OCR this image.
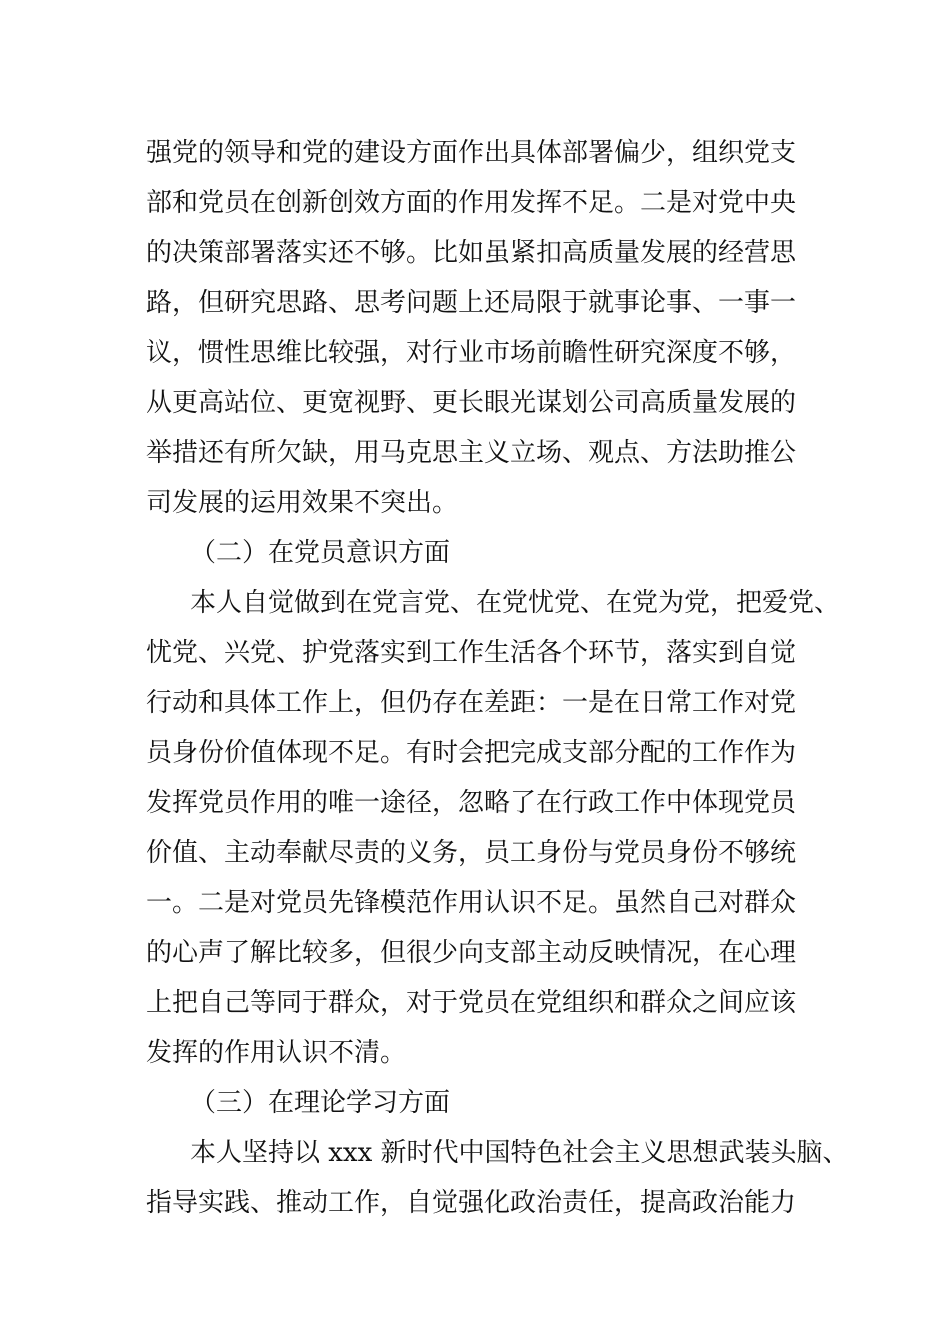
强党的领导和党的建设方面作出具体部署偏少，组织党支
部和党员在创新创效方面的作用发挥不足。二是对党中央
的决策部署落实还不够。比如虽紧扣高质量发展的经营思
路，但研究思路、思考问题上还局限于就事论事、一事一
议，惯性思维比较强，对行业市场前瞻性研究深度不够，
从更高站位、更宽视野、更长眼光谋划公司高质量发展的
举措还有所欠缺，用马克思主义立场、观点、方法助推公
司发展的运用效果不突出。
（二）在党员意识方面
本人自觉做到在党言党、在党忧党、在党为党，把爱党、
忧党、兴党、护党落实到工作生活各个环节，落实到自觉
行动和具体工作上，但仍存在差距：一是在日常工作对党
员身份价值体现不足。有时会把完成支部分配的工作作为
发挥党员作用的唯一途径，忽略了在行政工作中体现党员
价值、主动奉献尽责的义务，员工身份与党员身份不够统
一。二是对党员先锋模范作用认识不足。虽然自己对群众
的心声了解比较多，但很少向支部主动反映情况，在心理
上把自己等同于群众，对于党员在党组织和群众之间应该
发挥的作用认识不清。
（三）在理论学习方面
本人坚持以 xxx 新时代中国特色社会主义思想武装头脑、
指导实践、推动工作，自觉强化政治责任，提高政治能力
